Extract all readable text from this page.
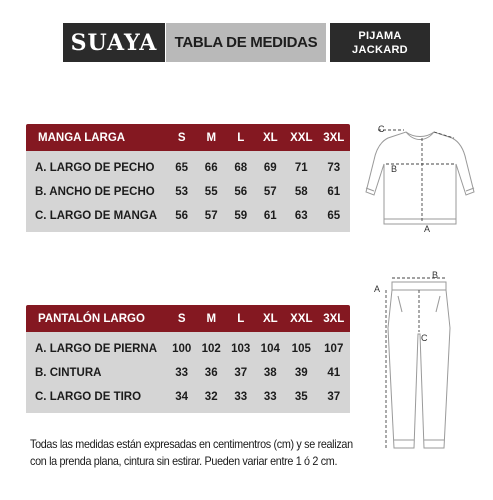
SUAYA TABLA DE MEDIDAS	PIJAMA
JACKARD
MANGA LARGA	S	M	L	XL	XXL 3XL
A. LARGO DE PECHO	65	66	68	69	71	73
B. ANCHO DE PECHO	53	55	56	57	58	61
C. LARGO DE MANGA	56	57	59	61	63	65
PANTALÓN LARGO	S	M	L	XL	XXL 3XL
A. LARGO DE PIERNA	100 102 103 104	105	107
B. CINTURA	33	36	37	38	39	41
C. LARGO DE TIRO	34	32	33	33	35	37
C
B
A
A
B
C
Todas las medidas están expresadas en centimentros (cm) y se realizan
con la prenda plana, cintura sin estirar. Pueden variar entre 1 ó 2 cm.
